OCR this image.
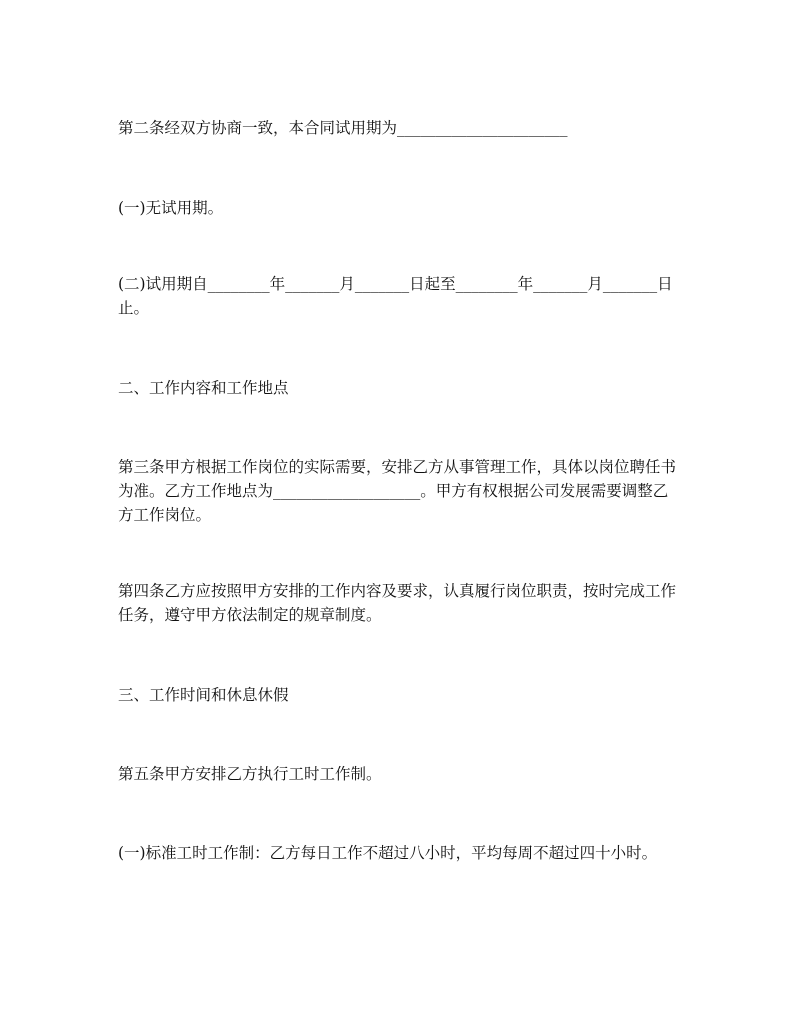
第二条经双方协商一致，本合同试用期为______________________

(一)无试用期。

(二)试用期自________年_______月_______日起至________年_______月_______日止。

二、工作内容和工作地点

第三条甲方根据工作岗位的实际需要，安排乙方从事管理工作，具体以岗位聘任书为准。乙方工作地点为___________________。甲方有权根据公司发展需要调整乙方工作岗位。

第四条乙方应按照甲方安排的工作内容及要求，认真履行岗位职责，按时完成工作任务，遵守甲方依法制定的规章制度。

三、工作时间和休息休假

第五条甲方安排乙方执行工时工作制。

(一)标准工时工作制：乙方每日工作不超过八小时，平均每周不超过四十小时。
